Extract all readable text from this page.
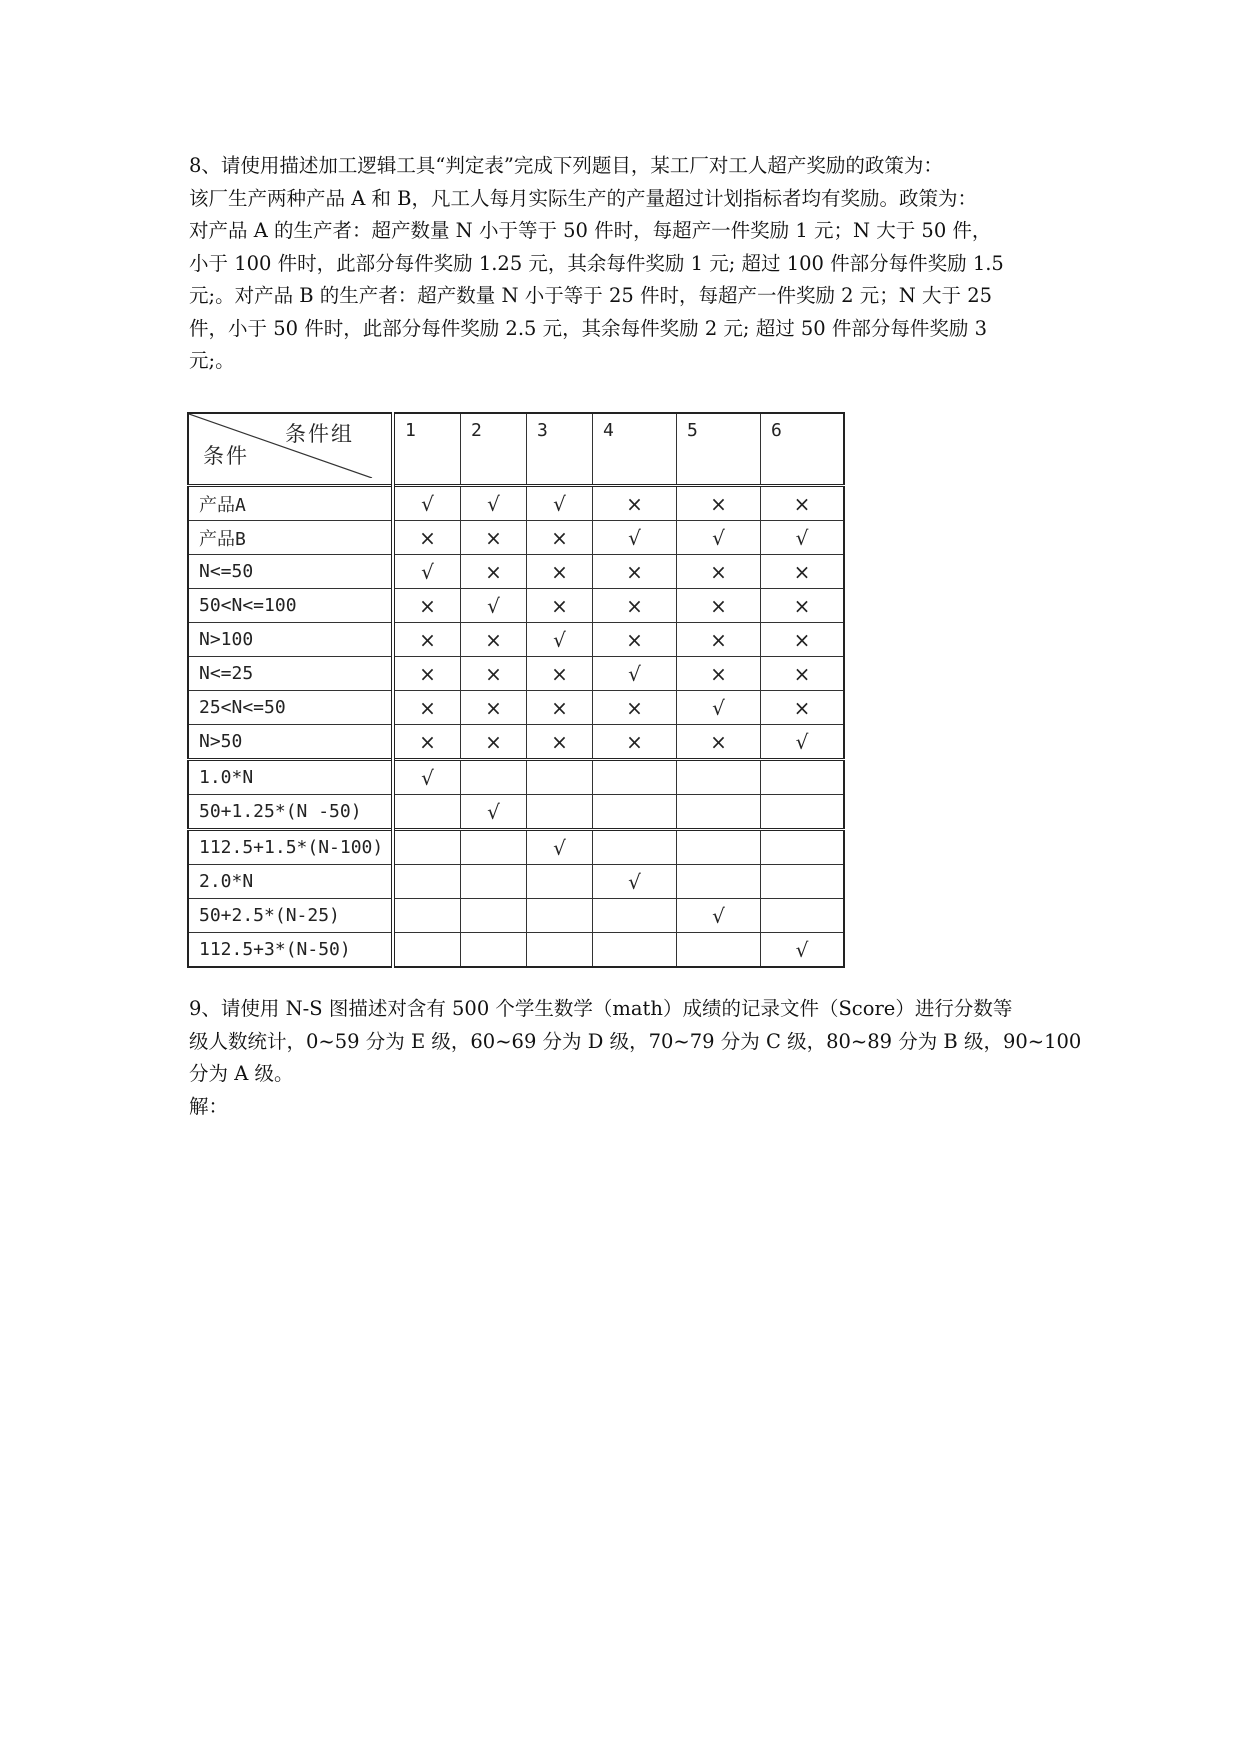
8、请使用描述加工逻辑工具“判定表”完成下列题目，某工厂对工人超产奖励的政策为：
该厂生产两种产品 A 和 B，凡工人每月实际生产的产量超过计划指标者均有奖励。政策为：
对产品 A 的生产者：超产数量 N 小于等于 50 件时，每超产一件奖励 1 元；N 大于 50 件，
小于 100 件时，此部分每件奖励 1.25 元，其余每件奖励 1 元; 超过 100 件部分每件奖励 1.5
元;。对产品 B 的生产者：超产数量 N 小于等于 25 件时，每超产一件奖励 2 元；N 大于 25
件，小于 50 件时，此部分每件奖励 2.5 元，其余每件奖励 2 元; 超过 50 件部分每件奖励 3
元;。
条件组
条件	1	2	3	4	5	6
产品A	√	√	√	×	×	×
产品B	×	×	×	√	√	√
N<=50	√	×	×	×	×	×
50<N<=100	×	√	×	×	×	×
N>100	×	×	√	×	×	×
N<=25	×	×	×	√	×	×
25<N<=50	×	×	×	×	√	×
N>50	×	×	×	×	×	√
1.0*N	√					
50+1.25*(N -50)		√				
112.5+1.5*(N-100)			√			
2.0*N				√		
50+2.5*(N-25)					√	
112.5+3*(N-50)						√
9、请使用 N-S 图描述对含有 500 个学生数学（math）成绩的记录文件（Score）进行分数等
级人数统计，0~59 分为 E 级，60~69 分为 D 级，70~79 分为 C 级，80~89 分为 B 级，90~100
分为 A 级。
解：
